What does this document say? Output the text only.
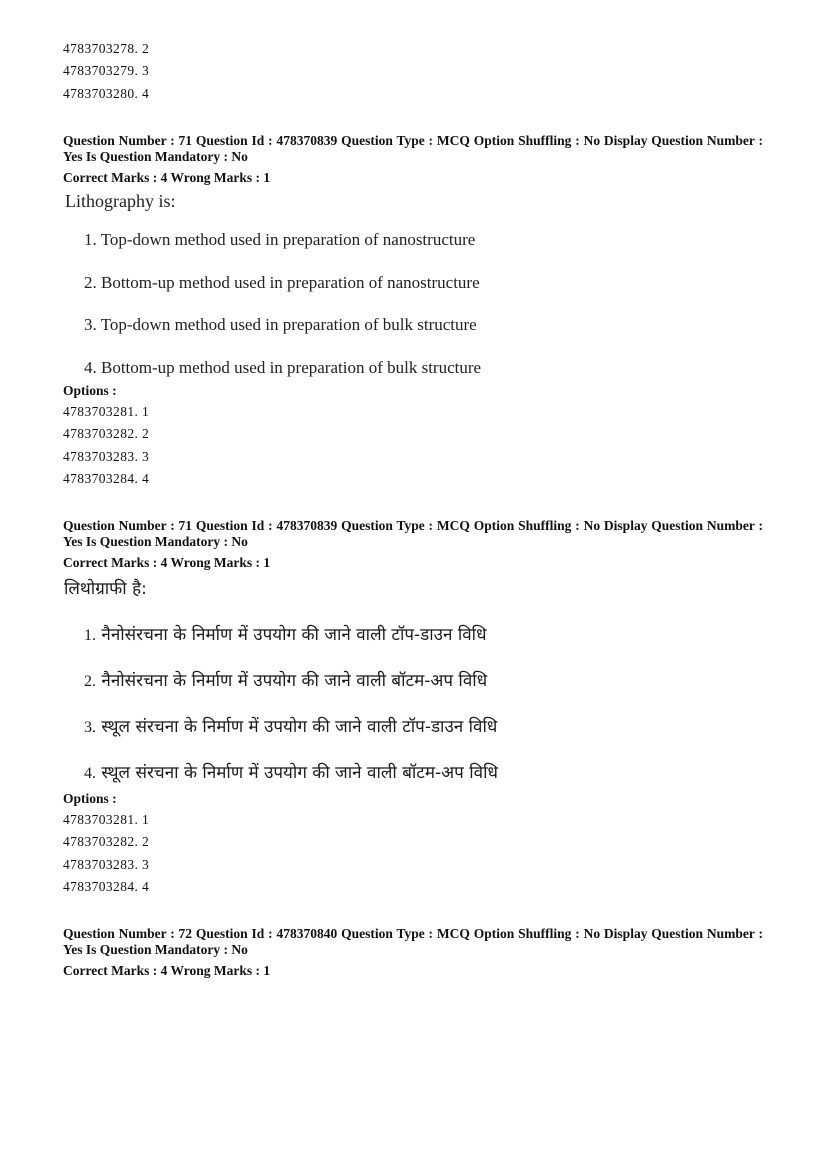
4783703278. 2
4783703279. 3
4783703280. 4
Question Number : 71 Question Id : 478370839 Question Type : MCQ Option Shuffling : No Display Question Number : Yes Is Question Mandatory : No
Correct Marks : 4 Wrong Marks : 1
Lithography is:
1. Top-down method used in preparation of nanostructure
2. Bottom-up method used in preparation of nanostructure
3. Top-down method used in preparation of bulk structure
4. Bottom-up method used in preparation of bulk structure
Options :
4783703281. 1
4783703282. 2
4783703283. 3
4783703284. 4
Question Number : 71 Question Id : 478370839 Question Type : MCQ Option Shuffling : No Display Question Number : Yes Is Question Mandatory : No
Correct Marks : 4 Wrong Marks : 1
लिथोग्राफी है:
1. नैनोसंरचना के निर्माण में उपयोग की जाने वाली टॉप-डाउन विधि
2. नैनोसंरचना के निर्माण में उपयोग की जाने वाली बॉटम-अप विधि
3. स्थूल संरचना के निर्माण में उपयोग की जाने वाली टॉप-डाउन विधि
4. स्थूल संरचना के निर्माण में उपयोग की जाने वाली बॉटम-अप विधि
Options :
4783703281. 1
4783703282. 2
4783703283. 3
4783703284. 4
Question Number : 72 Question Id : 478370840 Question Type : MCQ Option Shuffling : No Display Question Number : Yes Is Question Mandatory : No
Correct Marks : 4 Wrong Marks : 1
